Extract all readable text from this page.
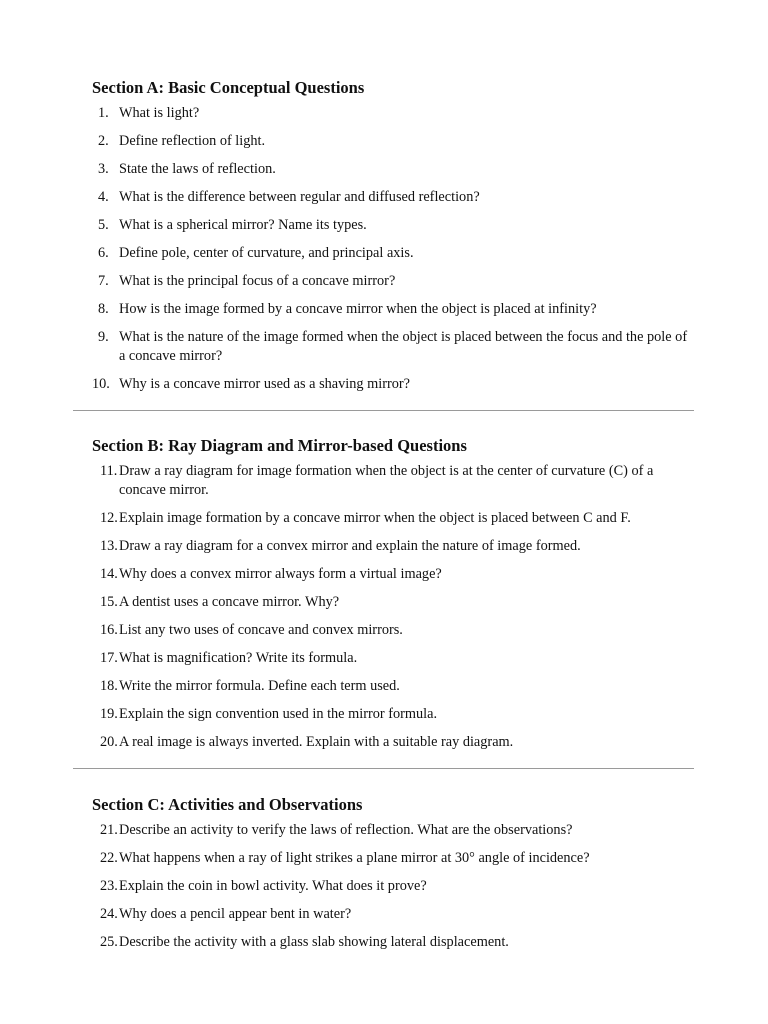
Section A: Basic Conceptual Questions
1. What is light?
2. Define reflection of light.
3. State the laws of reflection.
4. What is the difference between regular and diffused reflection?
5. What is a spherical mirror? Name its types.
6. Define pole, center of curvature, and principal axis.
7. What is the principal focus of a concave mirror?
8. How is the image formed by a concave mirror when the object is placed at infinity?
9. What is the nature of the image formed when the object is placed between the focus and the pole of a concave mirror?
10. Why is a concave mirror used as a shaving mirror?
Section B: Ray Diagram and Mirror-based Questions
11. Draw a ray diagram for image formation when the object is at the center of curvature (C) of a concave mirror.
12. Explain image formation by a concave mirror when the object is placed between C and F.
13. Draw a ray diagram for a convex mirror and explain the nature of image formed.
14. Why does a convex mirror always form a virtual image?
15. A dentist uses a concave mirror. Why?
16. List any two uses of concave and convex mirrors.
17. What is magnification? Write its formula.
18. Write the mirror formula. Define each term used.
19. Explain the sign convention used in the mirror formula.
20. A real image is always inverted. Explain with a suitable ray diagram.
Section C: Activities and Observations
21. Describe an activity to verify the laws of reflection. What are the observations?
22. What happens when a ray of light strikes a plane mirror at 30° angle of incidence?
23. Explain the coin in bowl activity. What does it prove?
24. Why does a pencil appear bent in water?
25. Describe the activity with a glass slab showing lateral displacement.
